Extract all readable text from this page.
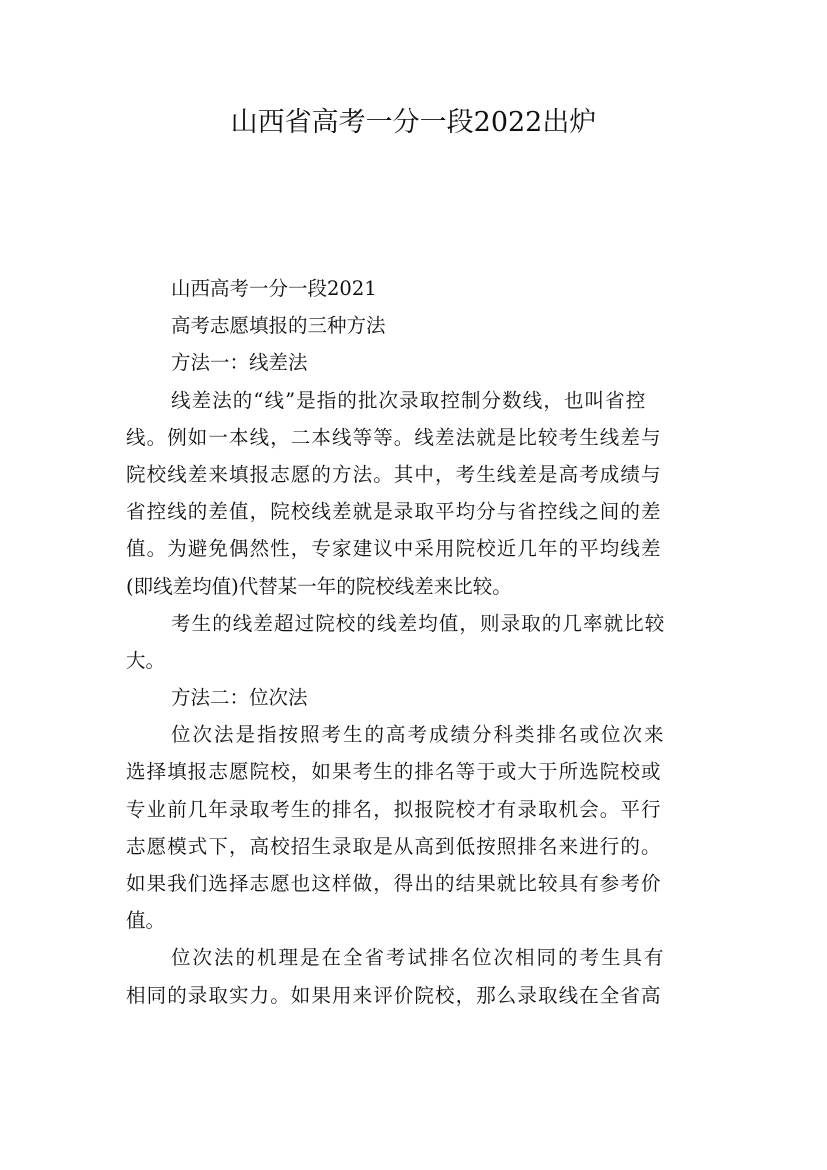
山西省高考一分一段2022出炉
山西高考一分一段2021
高考志愿填报的三种方法
方法一：线差法
线差法的“线”是指的批次录取控制分数线，也叫省控
线。例如一本线，二本线等等。线差法就是比较考生线差与
院校线差来填报志愿的方法。其中，考生线差是高考成绩与
省控线的差值，院校线差就是录取平均分与省控线之间的差
值。为避免偶然性，专家建议中采用院校近几年的平均线差
(即线差均值)代替某一年的院校线差来比较。
考生的线差超过院校的线差均值，则录取的几率就比较
大。
方法二：位次法
位次法是指按照考生的高考成绩分科类排名或位次来
选择填报志愿院校，如果考生的排名等于或大于所选院校或
专业前几年录取考生的排名，拟报院校才有录取机会。平行
志愿模式下，高校招生录取是从高到低按照排名来进行的。
如果我们选择志愿也这样做，得出的结果就比较具有参考价
值。
位次法的机理是在全省考试排名位次相同的考生具有
相同的录取实力。如果用来评价院校，那么录取线在全省高
